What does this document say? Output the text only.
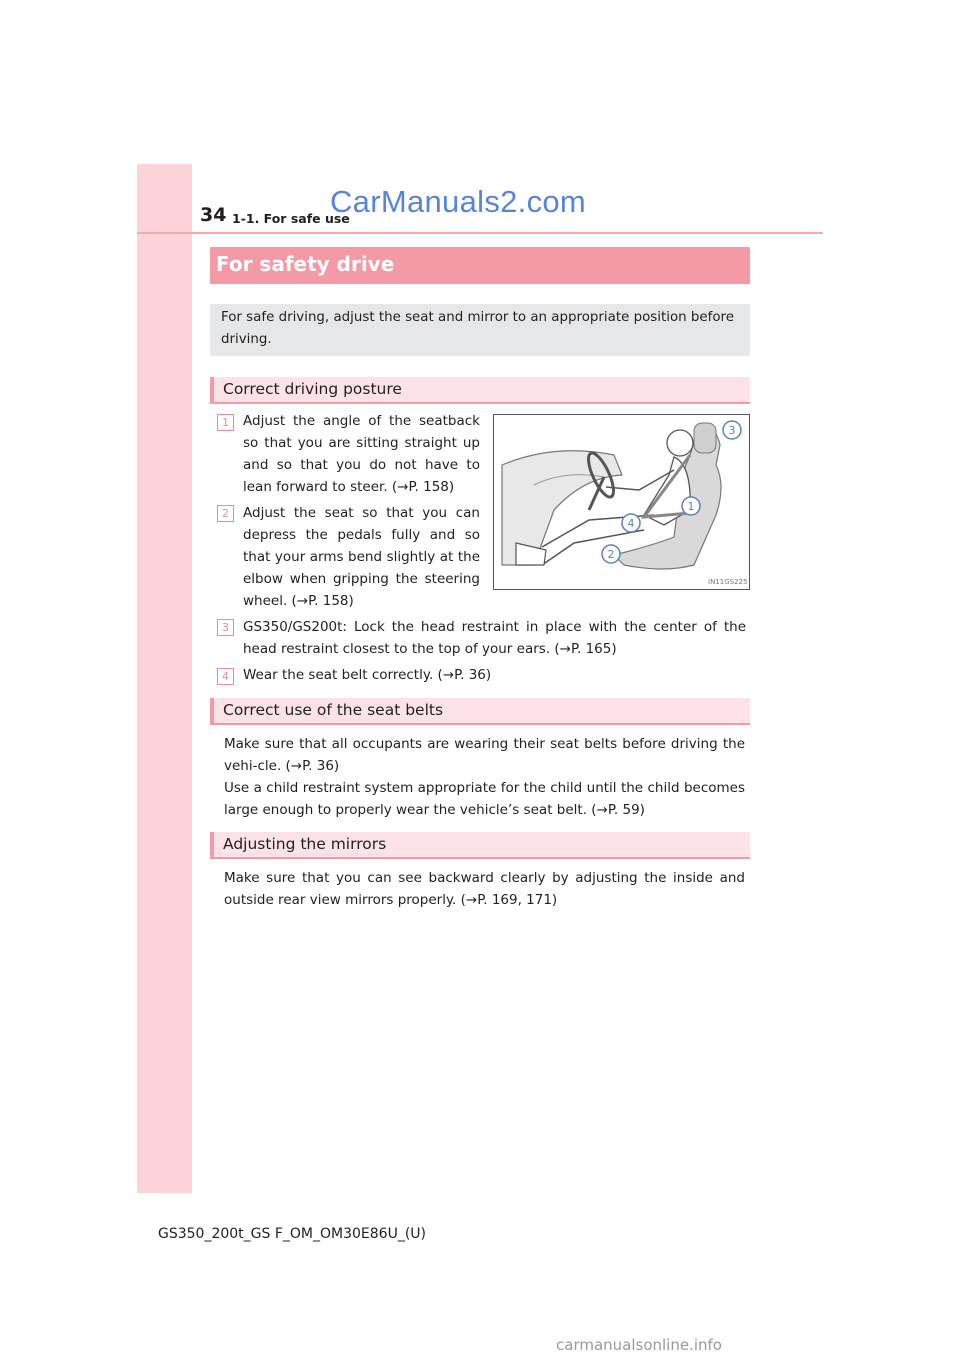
34 1-1. For safe use
CarManuals2.com
For safety drive
For safe driving, adjust the seat and mirror to an appropriate position before driving.
Correct driving posture
1	Adjust the angle of the seatback so that you are sitting straight up and so that you do not have to lean forward to steer. (→P. 158)
2	Adjust the seat so that you can depress the pedals fully and so that your arms bend slightly at the elbow when gripping the steering wheel. (→P. 158)
3	GS350/GS200t: Lock the head restraint in place with the center of the head restraint closest to the top of your ears. (→P. 165)
4	Wear the seat belt correctly. (→P. 36)
1
2
3
4
IN11GS225
Correct use of the seat belts
Make sure that all occupants are wearing their seat belts before driving the vehi-cle. (→P. 36)
Use a child restraint system appropriate for the child until the child becomes large enough to properly wear the vehicle’s seat belt. (→P. 59)
Adjusting the mirrors
Make sure that you can see backward clearly by adjusting the inside and outside rear view mirrors properly. (→P. 169, 171)
GS350_200t_GS F_OM_OM30E86U_(U)
carmanualsonline.info
